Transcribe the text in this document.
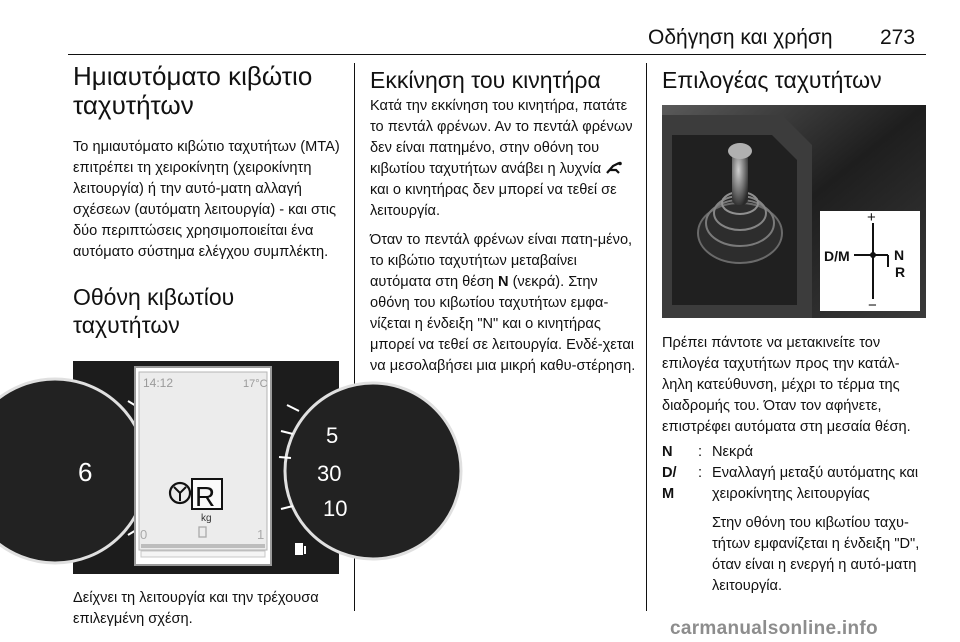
Οδήγηση και χρήση 273
Ημιαυτόματο κιβώτιο ταχυτήτων

Το ημιαυτόματο κιβώτιο ταχυτήτων (MTA) επιτρέπει τη χειροκίνητη (χειροκίνητη λειτουργία) ή την αυτό-ματη αλλαγή σχέσεων (αυτόματη λειτουργία) - και στις δύο περιπτώσεις χρησιμοποιείται ένα αυτόματο σύστημα ελέγχου συμπλέκτη.

Οθόνη κιβωτίου ταχυτήτων
6
5
30
10
14:12	17°C
R
kg
0	1

Δείχνει τη λειτουργία και την τρέχουσα επιλεγμένη σχέση.

Εκκίνηση του κινητήρα

Κατά την εκκίνηση του κινητήρα, πατάτε το πεντάλ φρένων. Αν το πεντάλ φρένων δεν είναι πατημένο, στην οθόνη του κιβωτίου ταχυτήτων ανάβει η λυχνία  και ο κινητήρας δεν μπορεί να τεθεί σε λειτουργία.

Όταν το πεντάλ φρένων είναι πατη-μένο, το κιβώτιο ταχυτήτων μεταβαίνει αυτόματα στη θέση N (νεκρά). Στην οθόνη του κιβωτίου ταχυτήτων εμφα-νίζεται η ένδειξη "N" και ο κινητήρας μπορεί να τεθεί σε λειτουργία. Ενδέ-χεται να μεσολαβήσει μια μικρή καθυ-στέρηση.

Επιλογέας ταχυτήτων
+
−
D/M	N
R

Πρέπει πάντοτε να μετακινείτε τον επιλογέα ταχυτήτων προς την κατάλ-ληλη κατεύθυνση, μέχρι το τέρμα της διαδρομής του. Όταν τον αφήνετε, επιστρέφει αυτόματα στη μεσαία θέση.

N	: Νεκρά
D/ M
: Εναλλαγή μεταξύ αυτόματης και χειροκίνητης λειτουργίας
Στην οθόνη του κιβωτίου ταχυ-τήτων εμφανίζεται η ένδειξη "D", όταν είναι η ενεργή η αυτό-ματη λειτουργία.
carmanualsonline.info
